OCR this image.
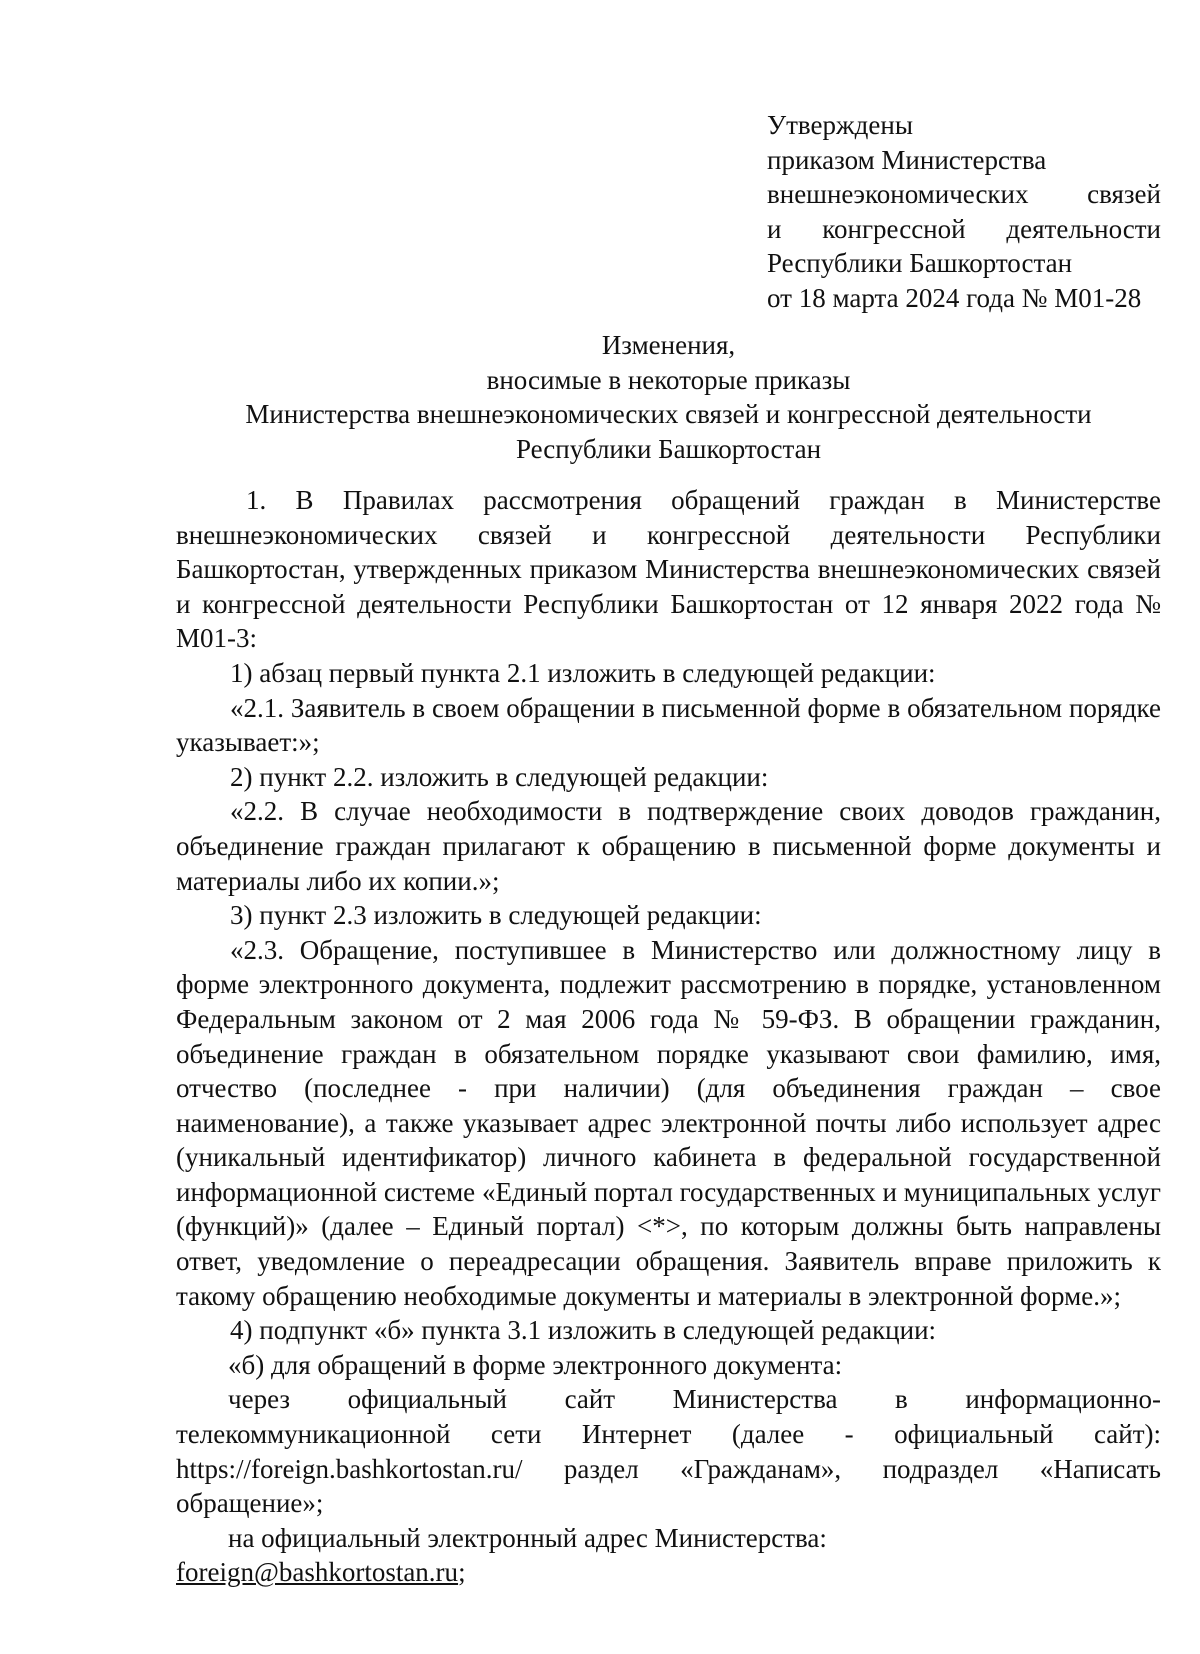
Утверждены
приказом Министерства
внешнеэкономических связей
и конгрессной деятельности
Республики Башкортостан
от 18 марта 2024 года № М01-28
Изменения,
вносимые в некоторые приказы
Министерства внешнеэкономических связей и конгрессной деятельности
Республики Башкортостан

1. В Правилах рассмотрения обращений граждан в Министерстве внешнеэкономических связей и конгрессной деятельности Республики Башкортостан, утвержденных приказом Министерства внешнеэкономических связей и конгрессной деятельности Республики Башкортостан от 12 января 2022 года № М01-3:

1) абзац первый пункта 2.1 изложить в следующей редакции:

«2.1. Заявитель в своем обращении в письменной форме в обязательном порядке указывает:»;

2) пункт 2.2. изложить в следующей редакции:

«2.2. В случае необходимости в подтверждение своих доводов гражданин, объединение граждан прилагают к обращению в письменной форме документы и материалы либо их копии.»;

3) пункт 2.3 изложить в следующей редакции:

«2.3. Обращение, поступившее в Министерство или должностному лицу в форме электронного документа, подлежит рассмотрению в порядке, установленном Федеральным законом от 2 мая 2006 года № 59-ФЗ. В обращении гражданин, объединение граждан в обязательном порядке указывают свои фамилию, имя, отчество (последнее - при наличии) (для объединения граждан – свое наименование), а также указывает адрес электронной почты либо использует адрес (уникальный идентификатор) личного кабинета в федеральной государственной информационной системе «Единый портал государственных и муниципальных услуг (функций)» (далее – Единый портал) <*>, по которым должны быть направлены ответ, уведомление о переадресации обращения. Заявитель вправе приложить к такому обращению необходимые документы и материалы в электронной форме.»;

4) подпункт «б» пункта 3.1 изложить в следующей редакции:

«б) для обращений в форме электронного документа:

через официальный сайт Министерства в информационно-телекоммуникационной сети Интернет (далее - официальный сайт): https://foreign.bashkortostan.ru/ раздел «Гражданам», подраздел «Написать обращение»;

на официальный электронный адрес Министерства:

foreign@bashkortostan.ru;
